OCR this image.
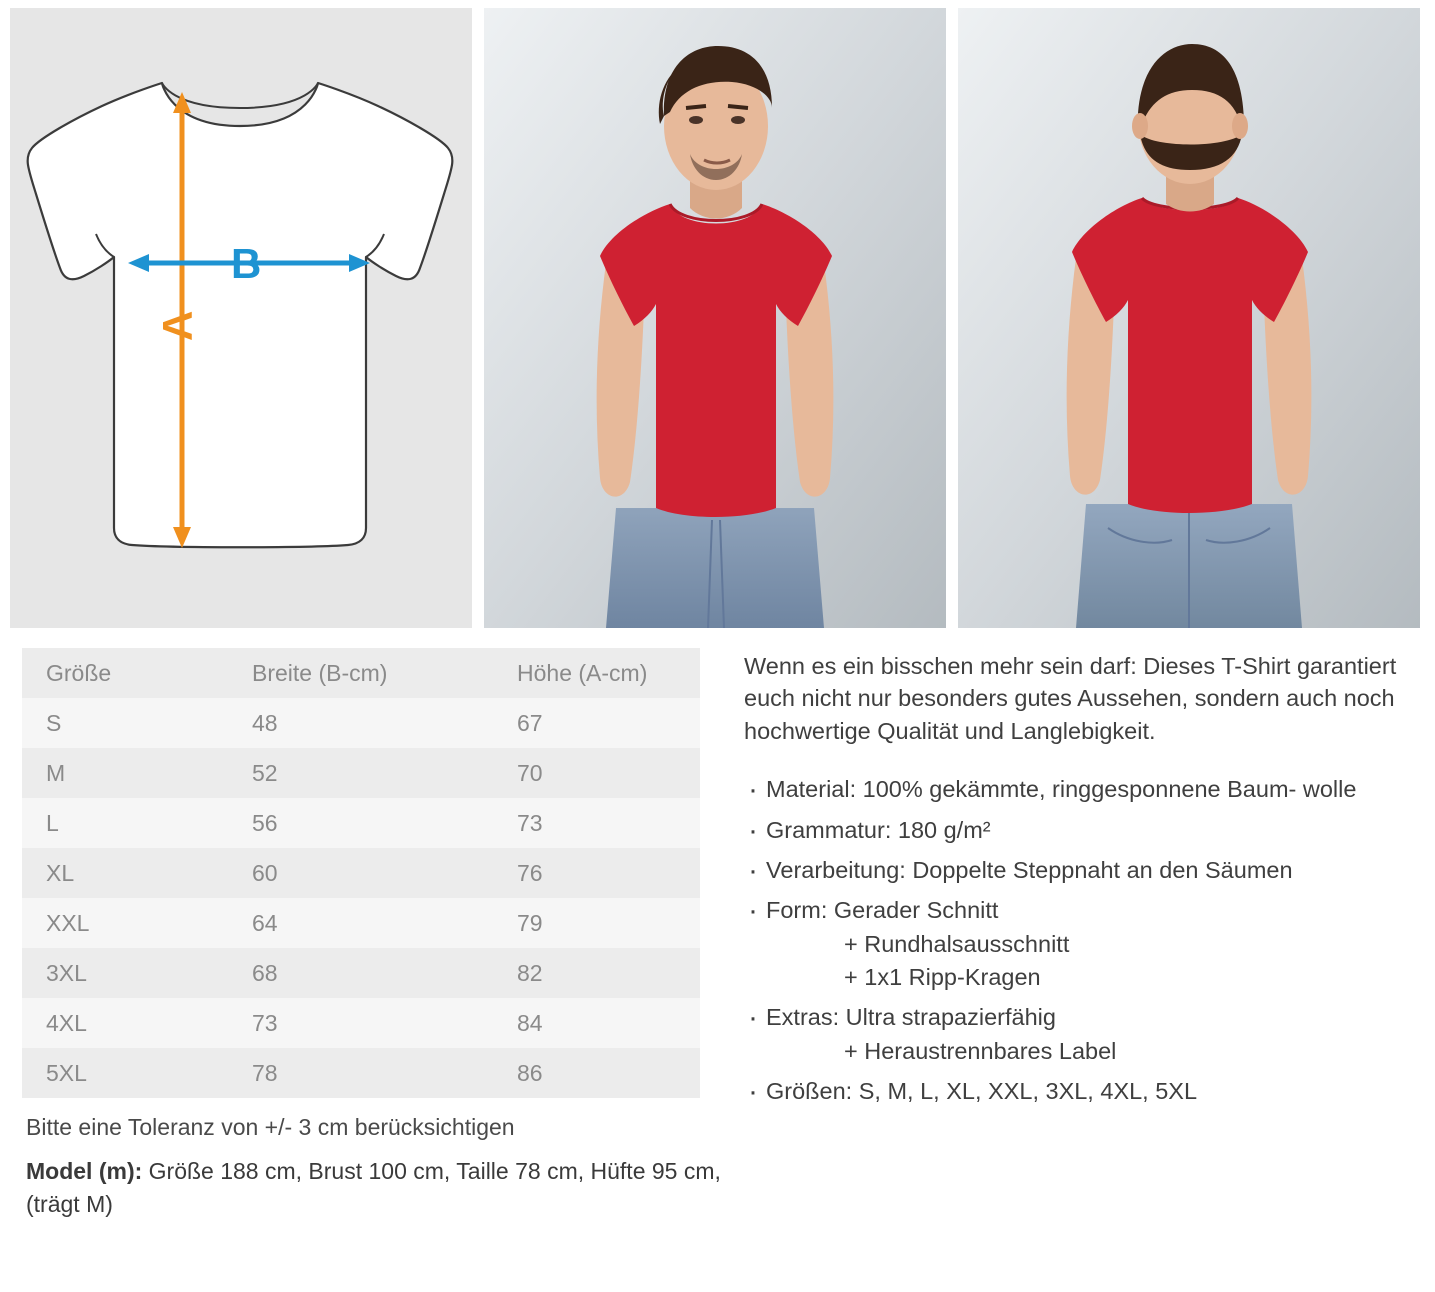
A
B
Größe	Breite (B-cm)	Höhe (A-cm)
S	48	67
M	52	70
L	56	73
XL	60	76
XXL	64	79
3XL	68	82
4XL	73	84
5XL	78	86
Bitte eine Toleranz von +/- 3 cm berücksichtigen
Model (m): Größe 188 cm, Brust 100 cm, Taille 78 cm, Hüfte 95 cm, (trägt M)

Wenn es ein bisschen mehr sein darf: Dieses T-Shirt garantiert euch nicht nur besonders gutes Aussehen, sondern auch noch hochwertige Qualität und Langlebigkeit.

· Material: 100% gekämmte, ringgesponnene Baum- wolle
· Grammatur: 180 g/m²
· Verarbeitung: Doppelte Steppnaht an den Säumen
· Form: Gerader Schnitt
+ Rundhalsausschnitt
+ 1x1 Ripp-Kragen
· Extras: Ultra strapazierfähig
+ Heraustrennbares Label
· Größen: S, M, L, XL, XXL, 3XL, 4XL, 5XL
